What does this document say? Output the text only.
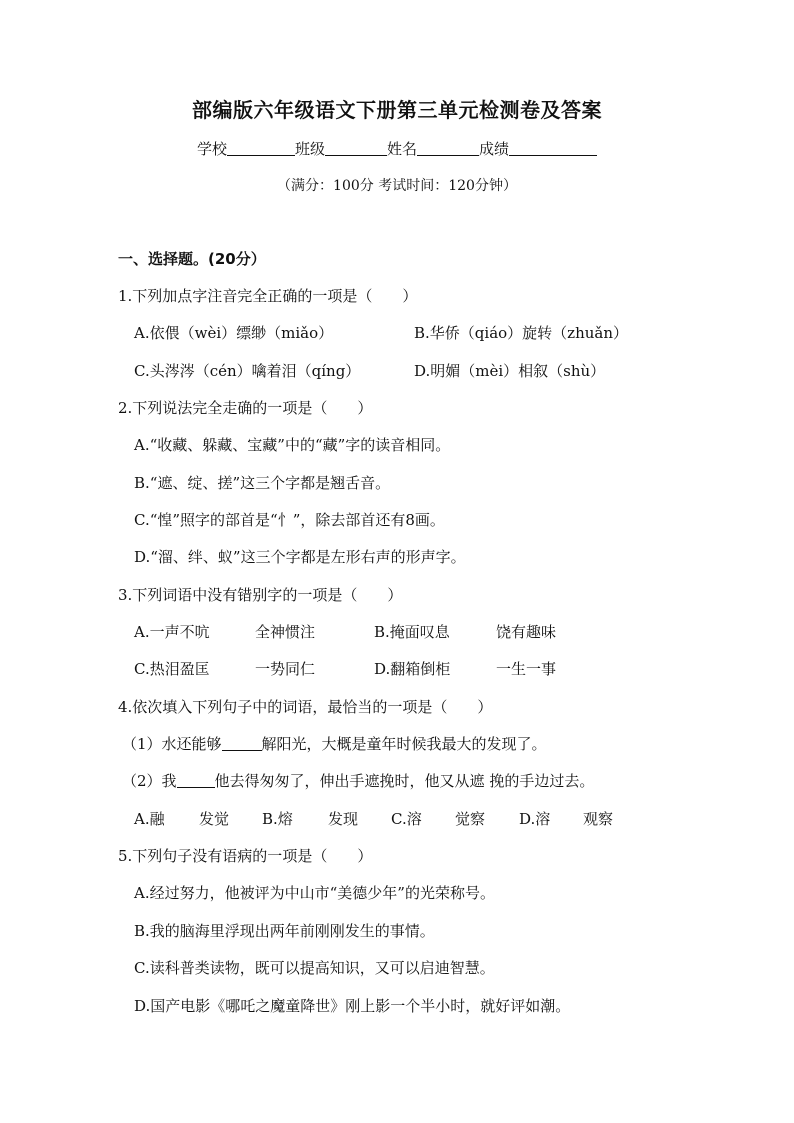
部编版六年级语文下册第三单元检测卷及答案
学校	班级	姓名	成绩
（满分：100分 考试时间：120分钟）
一、选择题。(20分）
1.下列加点字注音完全正确的一项是（　　）
A.依偎（wèi）缥缈（miǎo）	B.华侨（qiáo）旋转（zhuǎn）
C.头涔涔（cén）噙着泪（qíng）	D.明媚（mèi）相叙（shù）
2.下列说法完全走确的一项是（　　）
A.“收藏、躲藏、宝藏”中的“藏”字的读音相同。
B.“遮、绽、搓”这三个字都是翘舌音。
C.“惶”照字的部首是“忄”，除去部首还有8画。
D.“溜、绊、蚁”这三个字都是左形右声的形声字。
3.下列词语中没有错别字的一项是（　　）
A.一声不吭	全神惯注	B.掩面叹息	饶有趣味
C.热泪盈匡	一势同仁	D.翻箱倒柜	一生一事
4.依次填入下列句子中的词语，最恰当的一项是（　　）
（1）水还能够	解阳光，大概是童年时候我最大的发现了。
（2）我	他去得匆匆了，伸出手遮挽时，他又从遮 挽的手边过去。
A.融 发觉 B.熔 发现 C.溶 觉察 D.溶 观察
5.下列句子没有语病的一项是（　　）
A.经过努力，他被评为中山市“美德少年”的光荣称号。
B.我的脑海里浮现出两年前刚刚发生的事情。
C.读科普类读物，既可以提高知识，又可以启迪智慧。
D.国产电影《哪吒之魔童降世》刚上影一个半小时，就好评如潮。
